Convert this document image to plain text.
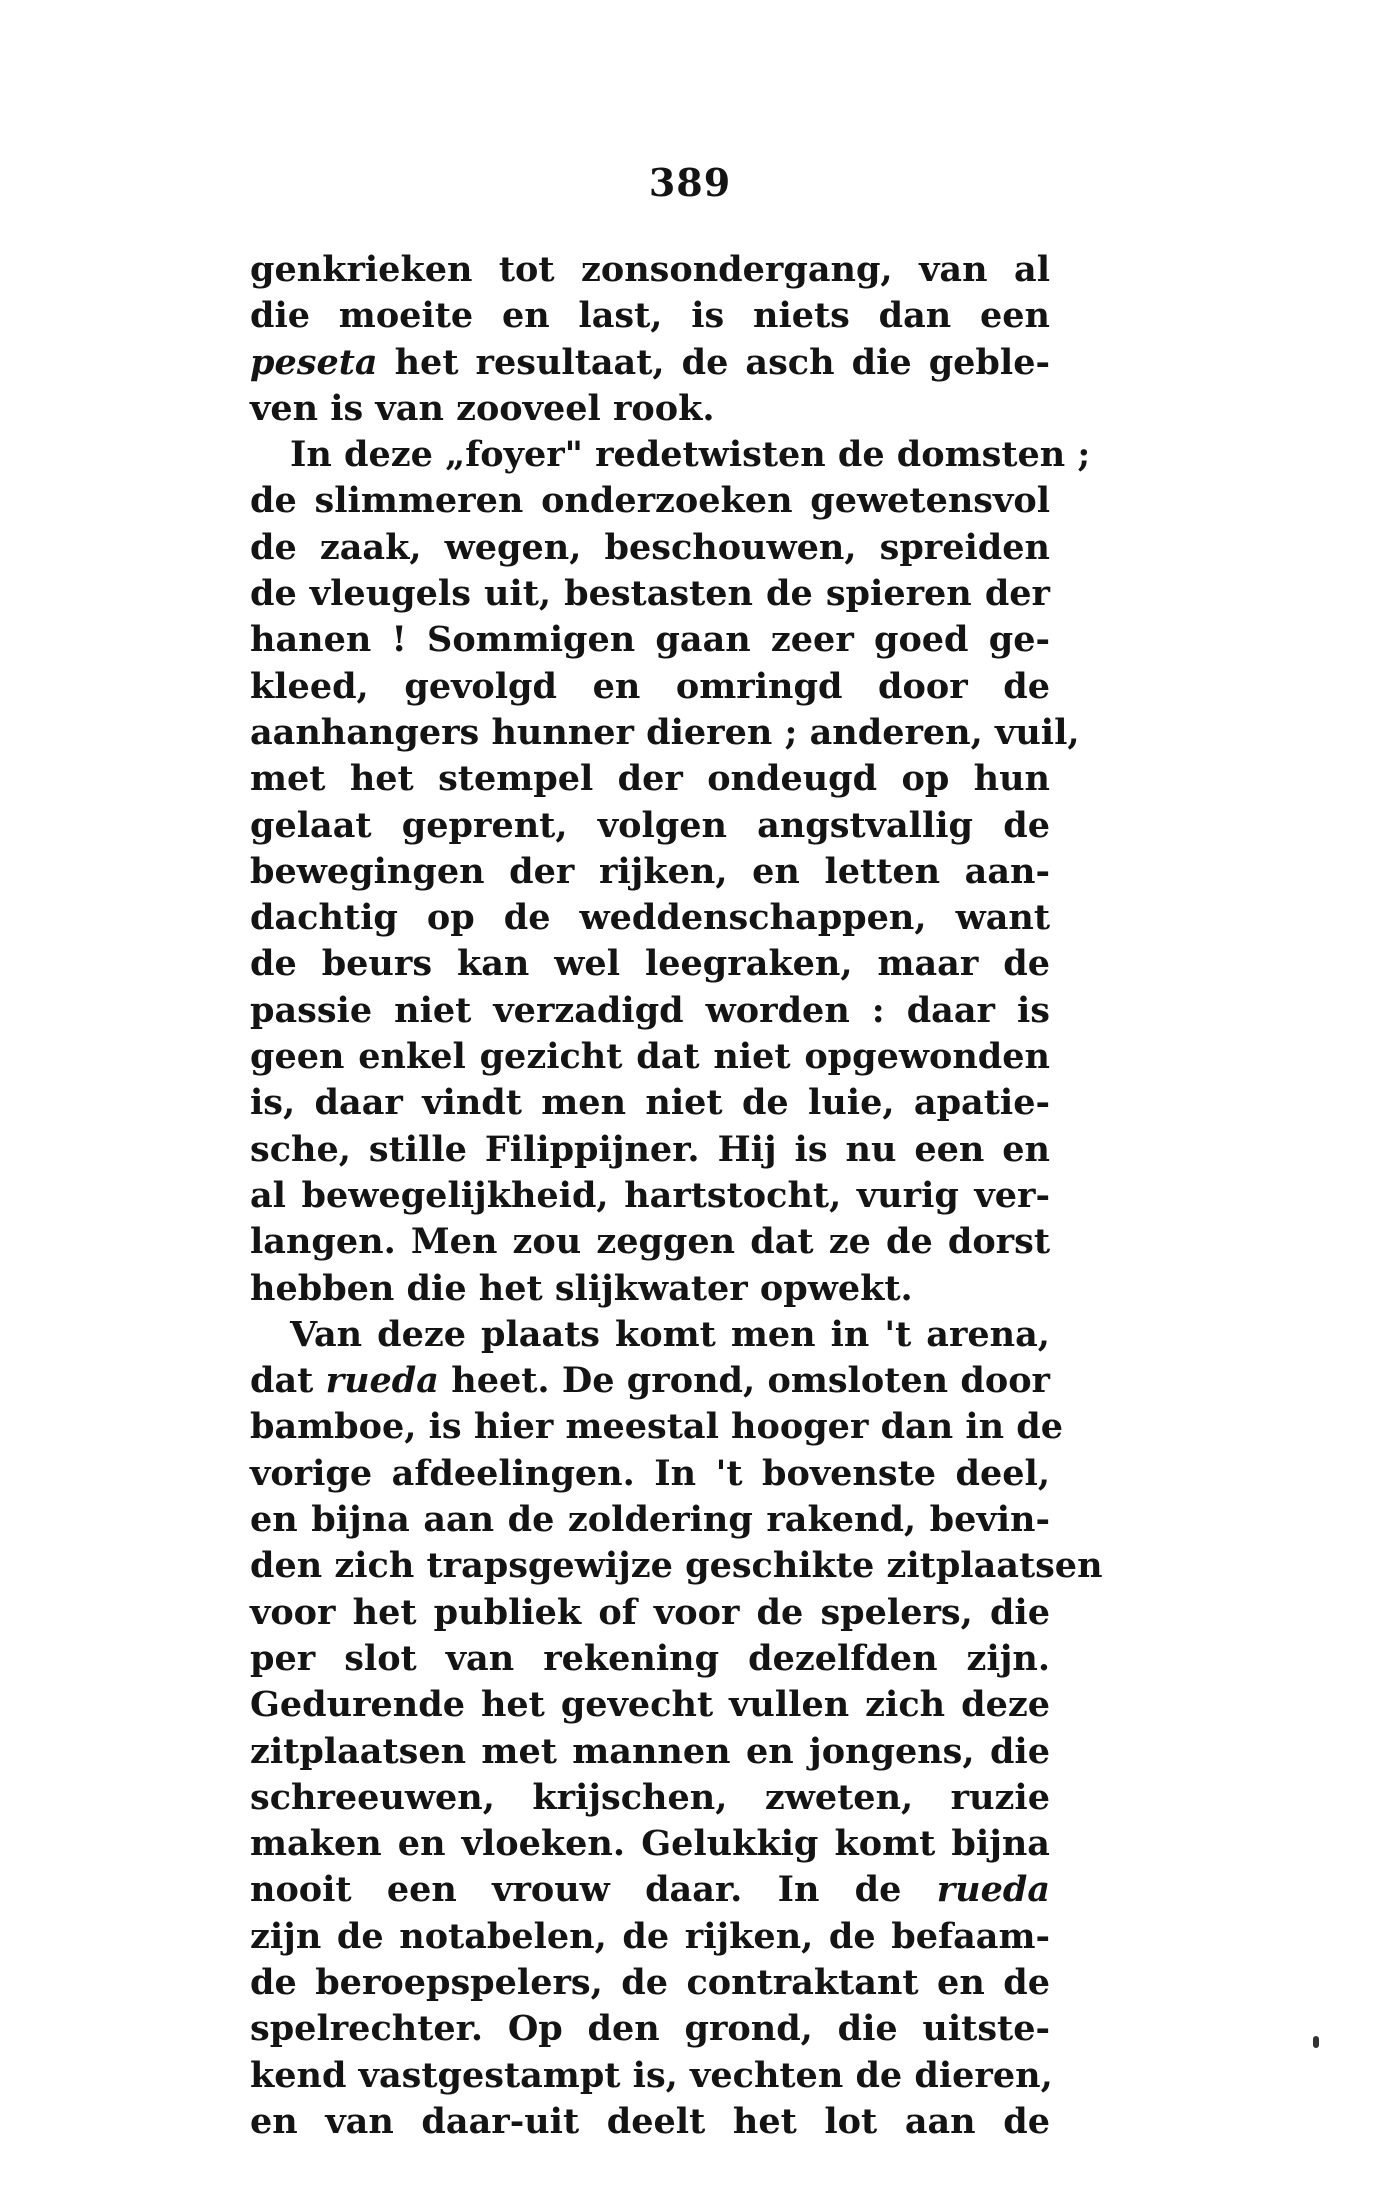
389
genkrieken tot zonsondergang, van al
die moeite en last, is niets dan een
peseta het resultaat, de asch die geble-
ven is van zooveel rook.
In deze „foyer" redetwisten de domsten ;
de slimmeren onderzoeken gewetensvol
de zaak, wegen, beschouwen, spreiden
de vleugels uit, bestasten de spieren der
hanen ! Sommigen gaan zeer goed ge-
kleed, gevolgd en omringd door de
aanhangers hunner dieren ; anderen, vuil,
met het stempel der ondeugd op hun
gelaat geprent, volgen angstvallig de
bewegingen der rijken, en letten aan-
dachtig op de weddenschappen, want
de beurs kan wel leegraken, maar de
passie niet verzadigd worden : daar is
geen enkel gezicht dat niet opgewonden
is, daar vindt men niet de luie, apatie-
sche, stille Filippijner. Hij is nu een en
al bewegelijkheid, hartstocht, vurig ver-
langen. Men zou zeggen dat ze de dorst
hebben die het slijkwater opwekt.
Van deze plaats komt men in 't arena,
dat rueda heet. De grond, omsloten door
bamboe, is hier meestal hooger dan in de
vorige afdeelingen. In 't bovenste deel,
en bijna aan de zoldering rakend, bevin-
den zich trapsgewijze geschikte zitplaatsen
voor het publiek of voor de spelers, die
per slot van rekening dezelfden zijn.
Gedurende het gevecht vullen zich deze
zitplaatsen met mannen en jongens, die
schreeuwen, krijschen, zweten, ruzie
maken en vloeken. Gelukkig komt bijna
nooit een vrouw daar. In de rueda
zijn de notabelen, de rijken, de befaam-
de beroepspelers, de contraktant en de
spelrechter. Op den grond, die uitste-
kend vastgestampt is, vechten de dieren,
en van daar-uit deelt het lot aan de
